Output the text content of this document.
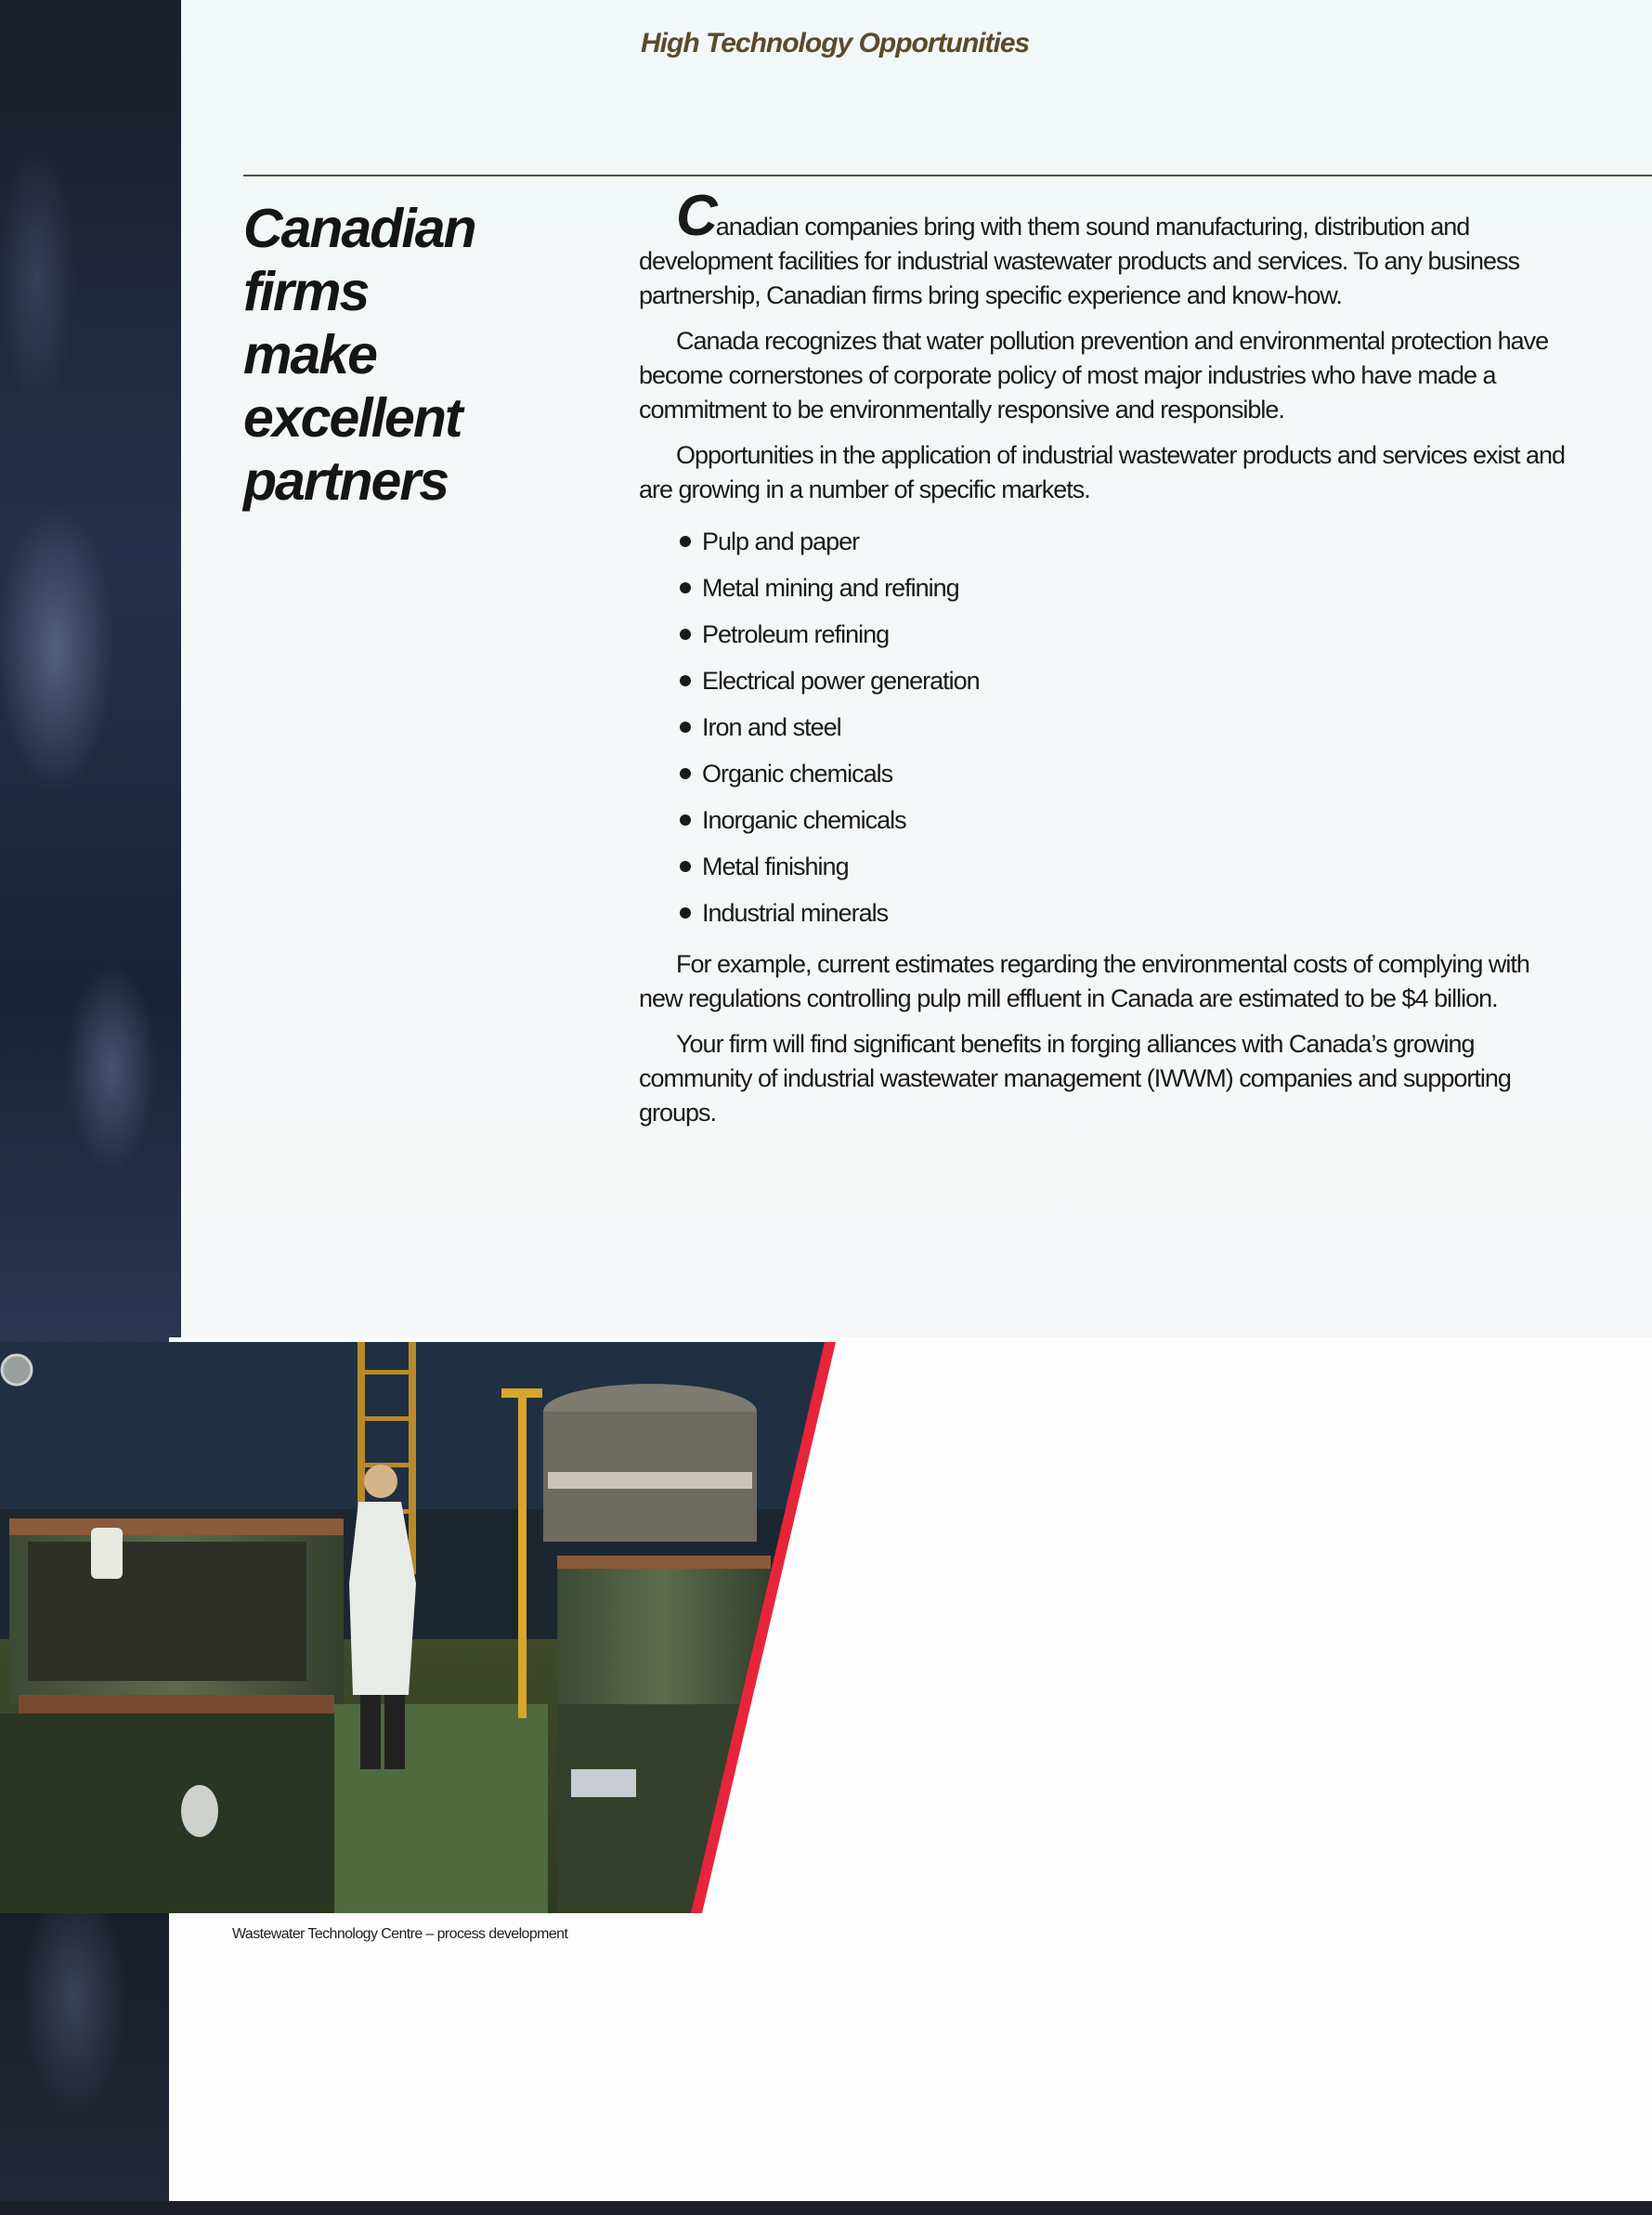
High Technology Opportunities
Canadian firms
make excellent
partners

Canadian companies bring with them sound manufacturing, distribution and development facilities for industrial wastewater products and services. To any business partnership, Canadian firms bring specific experience and know-how.

Canada recognizes that water pollution prevention and environmental protection have become cornerstones of corporate policy of most major industries who have made a commitment to be environmentally responsive and responsible.

Opportunities in the application of industrial wastewater products and services exist and are growing in a number of specific markets.

Pulp and paper
Metal mining and refining
Petroleum refining
Electrical power generation
Iron and steel
Organic chemicals
Inorganic chemicals
Metal finishing
Industrial minerals

For example, current estimates regarding the environmental costs of complying with new regulations controlling pulp mill effluent in Canada are estimated to be $4 billion.

Your firm will find significant benefits in forging alliances with Canada’s growing community of industrial wastewater management (IWWM) companies and supporting groups.

Wastewater Technology Centre – process development
